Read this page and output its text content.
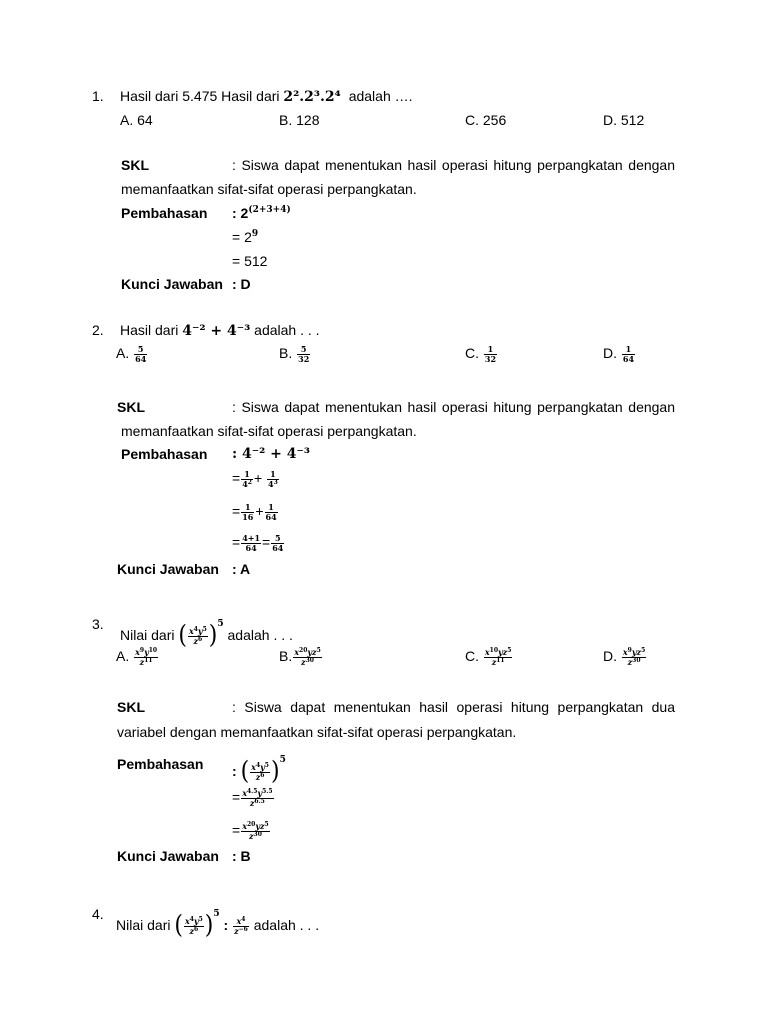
1. Hasil dari 5.475 Hasil dari 2².2³.2⁴ adalah ….
A. 64	B. 128	C. 256	D. 512
SKL	: Siswa dapat menentukan hasil operasi hitung perpangkatan dengan
memanfaatkan sifat-sifat operasi perpangkatan.
Pembahasan : $2^{(2+3+4)}$
= $2^9$
= 512
Kunci Jawaban : D
2. Hasil dari 4⁻² + 4⁻³ adalah . . .
A. $\frac{5}{64}$	B. $\frac{5}{32}$	C. $\frac{1}{32}$	D. $\frac{1}{64}$
SKL	: Siswa dapat menentukan hasil operasi hitung perpangkatan dengan
memanfaatkan sifat-sifat operasi perpangkatan.
Pembahasan : 4⁻² + 4⁻³
= $\frac{1}{4^2} + \frac{1}{4^3}$
= $\frac{1}{16} + \frac{1}{64}$
= $\frac{4+1}{64} = \frac{5}{64}$
Kunci Jawaban : A
3.
Nilai dari ( $\frac{x^4y^5}{z^6} )5$ adalah . . .
A. $\frac{x^9y^{10}}{z^{11}}$	B. $\frac{x^{20}yz^5}{z^{30}}$	C. $\frac{x^{10}yz^5}{z^{11}}$	D. $\frac{x^9yz^5}{z^{30}}$
SKL	: Siswa dapat menentukan hasil operasi hitung perpangkatan dua
variabel dengan memanfaatkan sifat-sifat operasi perpangkatan.
Pembahasan : ( $\frac{x^4y^5}{z^6} )5$
= $\frac{x^{4.5}y^{5.5}}{z^{6.5}}$
= $\frac{x^{20}yz^5}{z^{30}}$
Kunci Jawaban : B
4.
Nilai dari ( $\frac{x^4y^5}{z^6} )5$ : $\frac{x^4}{z^{-6}}$ adalah . . .
